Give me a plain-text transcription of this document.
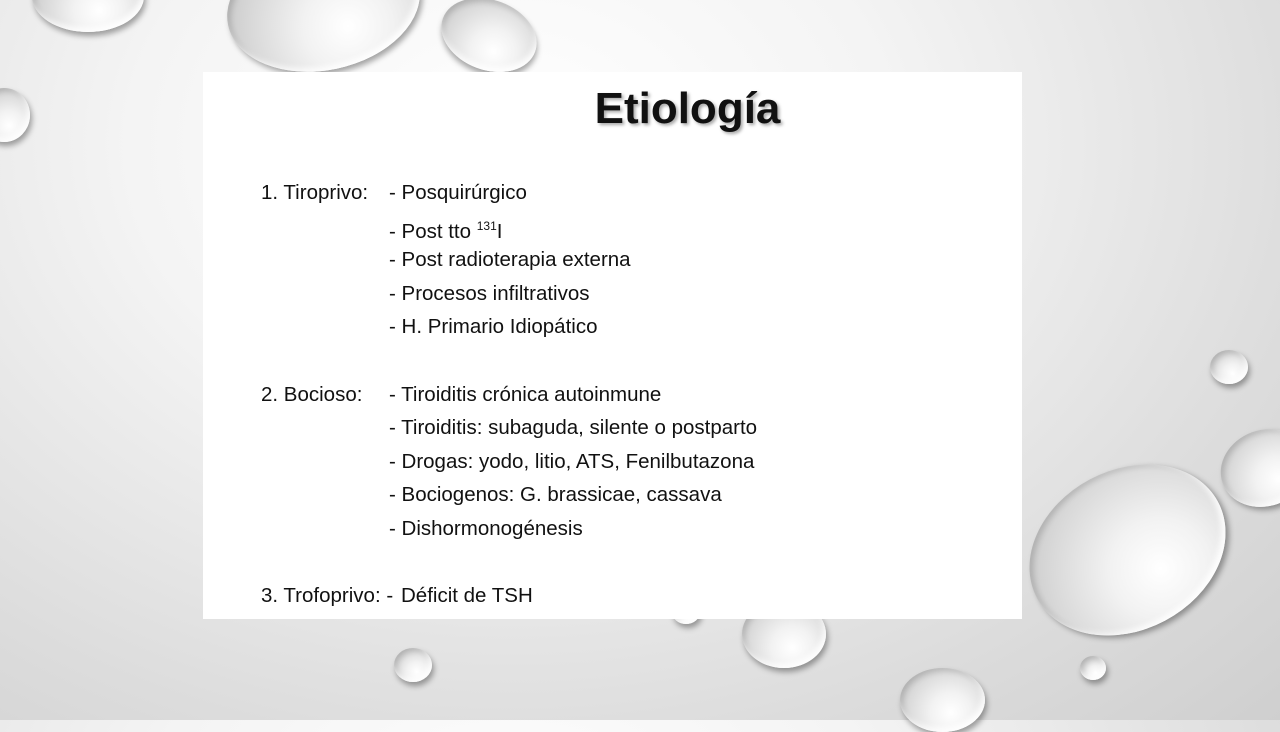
Etiología
1. Tiroprivo:	- Posquirúrgico
- Post tto $^{131}$I
- Post radioterapia externa
- Procesos infiltrativos
- H. Primario Idiopático
2. Bocioso:	- Tiroiditis crónica autoinmune
- Tiroiditis: subaguda, silente o postparto
- Drogas: yodo, litio, ATS, Fenilbutazona
- Bociogenos: G. brassicae, cassava
- Dishormonogénesis
3. Trofoprivo: - Déficit de TSH
